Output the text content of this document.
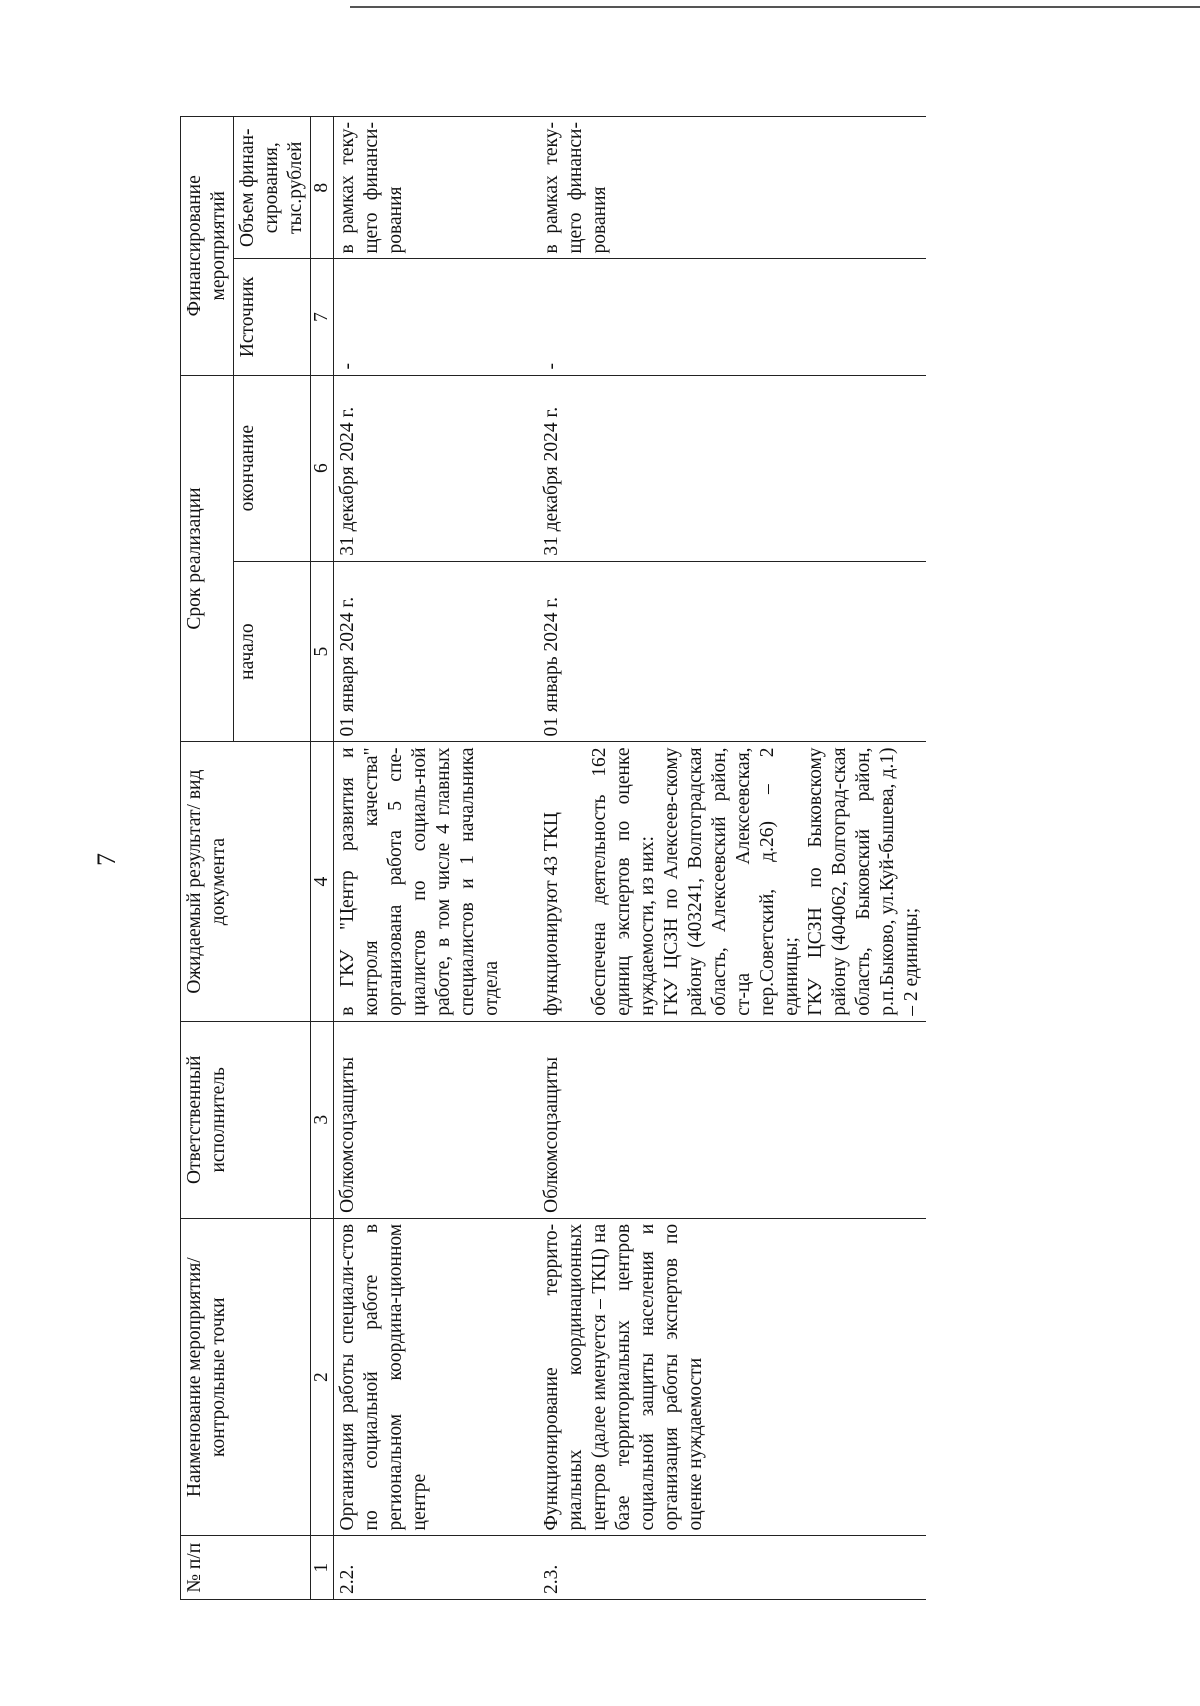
7
№ п/п	Наименование мероприятия/ контрольные точки	Ответственный исполнитель	Ожидаемый результат/ вид документа	Срок реализации		Финансирование мероприятий	
				начало	окончание	Источник	Объем финан-сирования, тыс.рублей
1	2	3	4	5	6	7	8
2.2.	Организация работы специали-стов по социальной работе в региональном координа-ционном центре	Облкомсоцзащиты	в ГКУ "Центр развития и контроля качества" организована работа 5 спе-циалистов по социаль-ной работе, в том числе 4 главных специалистов и 1 начальника отдела	01 января 2024 г.	31 декабря 2024 г.	-	в рамках теку-щего финанси-рования
2.3.	Функционирование террито-риальных координационных центров (далее именуется – ТКЦ) на базе территориальных центров социальной защиты населения и организация работы экспертов по оценке нуждаемости	Облкомсоцзащиты	функционируют 43 ТКЦ обеспечена деятельность 162 единиц экспертов по оценке нуждаемости, из них: ГКУ ЦСЗН по Алексеев-скому району (403241, Волгоградская область, Алексеевский район, ст-ца Алексеевская, пер.Советский, д.26) – 2 единицы; ГКУ ЦСЗН по Быковскому району (404062, Волгоград-ская область, Быковский район, р.п.Быково, ул.Куй-бышева, д.1) – 2 единицы;	01 январь 2024 г.	31 декабря 2024 г.	-	в рамках теку-щего финанси-рования
